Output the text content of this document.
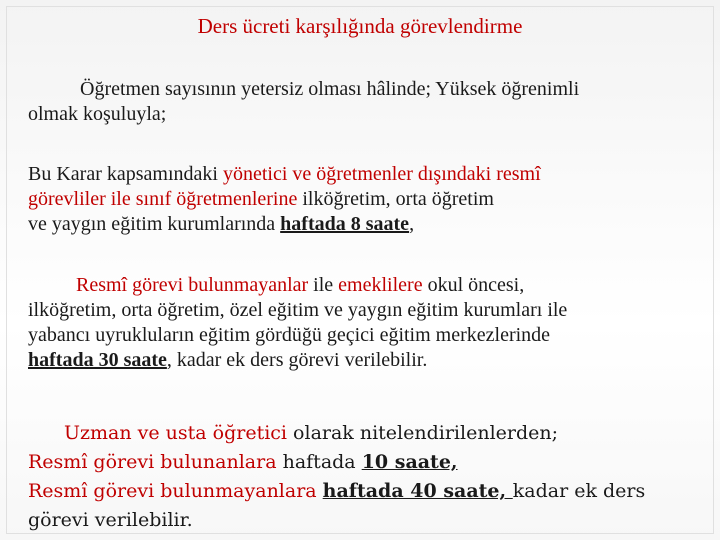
Ders ücreti karşılığında görevlendirme
Öğretmen sayısının yetersiz olması hâlinde; Yüksek öğrenimli
olmak koşuluyla;
Bu Karar kapsamındaki yönetici ve öğretmenler dışındaki resmî
görevliler ile sınıf öğretmenlerine ilköğretim, orta öğretim
ve yaygın eğitim kurumlarında haftada 8 saate,
Resmî görevi bulunmayanlar ile emeklilere okul öncesi,
ilköğretim, orta öğretim, özel eğitim ve yaygın eğitim kurumları ile
yabancı uyrukluların eğitim gördüğü geçici eğitim merkezlerinde
haftada 30 saate, kadar ek ders görevi verilebilir.
Uzman ve usta öğretici olarak nitelendirilenlerden;
Resmî görevi bulunanlara haftada 10 saate,
Resmî görevi bulunmayanlara haftada 40 saate, kadar ek ders
görevi verilebilir.
